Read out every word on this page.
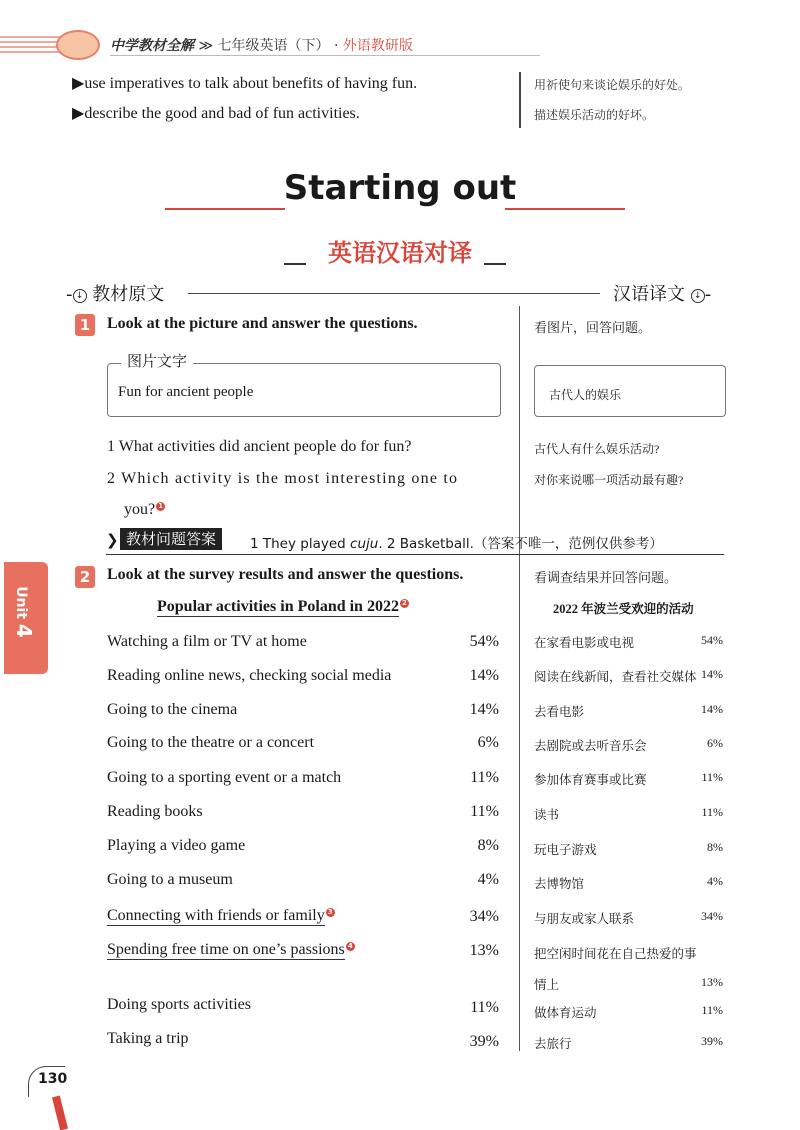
中学教材全解 ≫ 七年级英语（下） · 外语教研版
▶use imperatives to talk about benefits of having fun.
▶describe the good and bad of fun activities.
用祈使句来谈论娱乐的好处。
描述娱乐活动的好坏。
Starting out
英语汉语对译
- ↓ 教材原文	汉语译文 ↓ -
1 Look at the picture and answer the questions.	看图片，回答问题。
图片文字
Fun for ancient people	古代人的娱乐
1 What activities did ancient people do for fun?	古代人有什么娱乐活动?
2 Which activity is the most interesting one to
you? 1
对你来说哪一项活动最有趣?
❯ 教材问题答案	1 They played cuju. 2 Basketball.（答案不唯一，范例仅供参考）
Unit 4
2 Look at the survey results and answer the questions.	看调查结果并回答问题。
Popular activities in Poland in 2022 2	2022 年波兰受欢迎的活动
Watching a film or TV at home	54%	在家看电影或电视	54%
Reading online news, checking social media	14%	阅读在线新闻，查看社交媒体 14%
Going to the cinema	14%	去看电影	14%
Going to the theatre or a concert	6%	去剧院或去听音乐会	6%
Going to a sporting event or a match	11%	参加体育赛事或比赛	11%
Reading books	11%	读书	11%
Playing a video game	8%	玩电子游戏	8%
Going to a museum	4%	去博物馆	4%
Connecting with friends or family 3	34%	与朋友或家人联系	34%
Spending free time on one’s passions 4	13%	把空闲时间花在自己热爱的事
情上	13%
Doing sports activities	11%	做体育运动	11%
Taking a trip	39%	去旅行	39%
130
